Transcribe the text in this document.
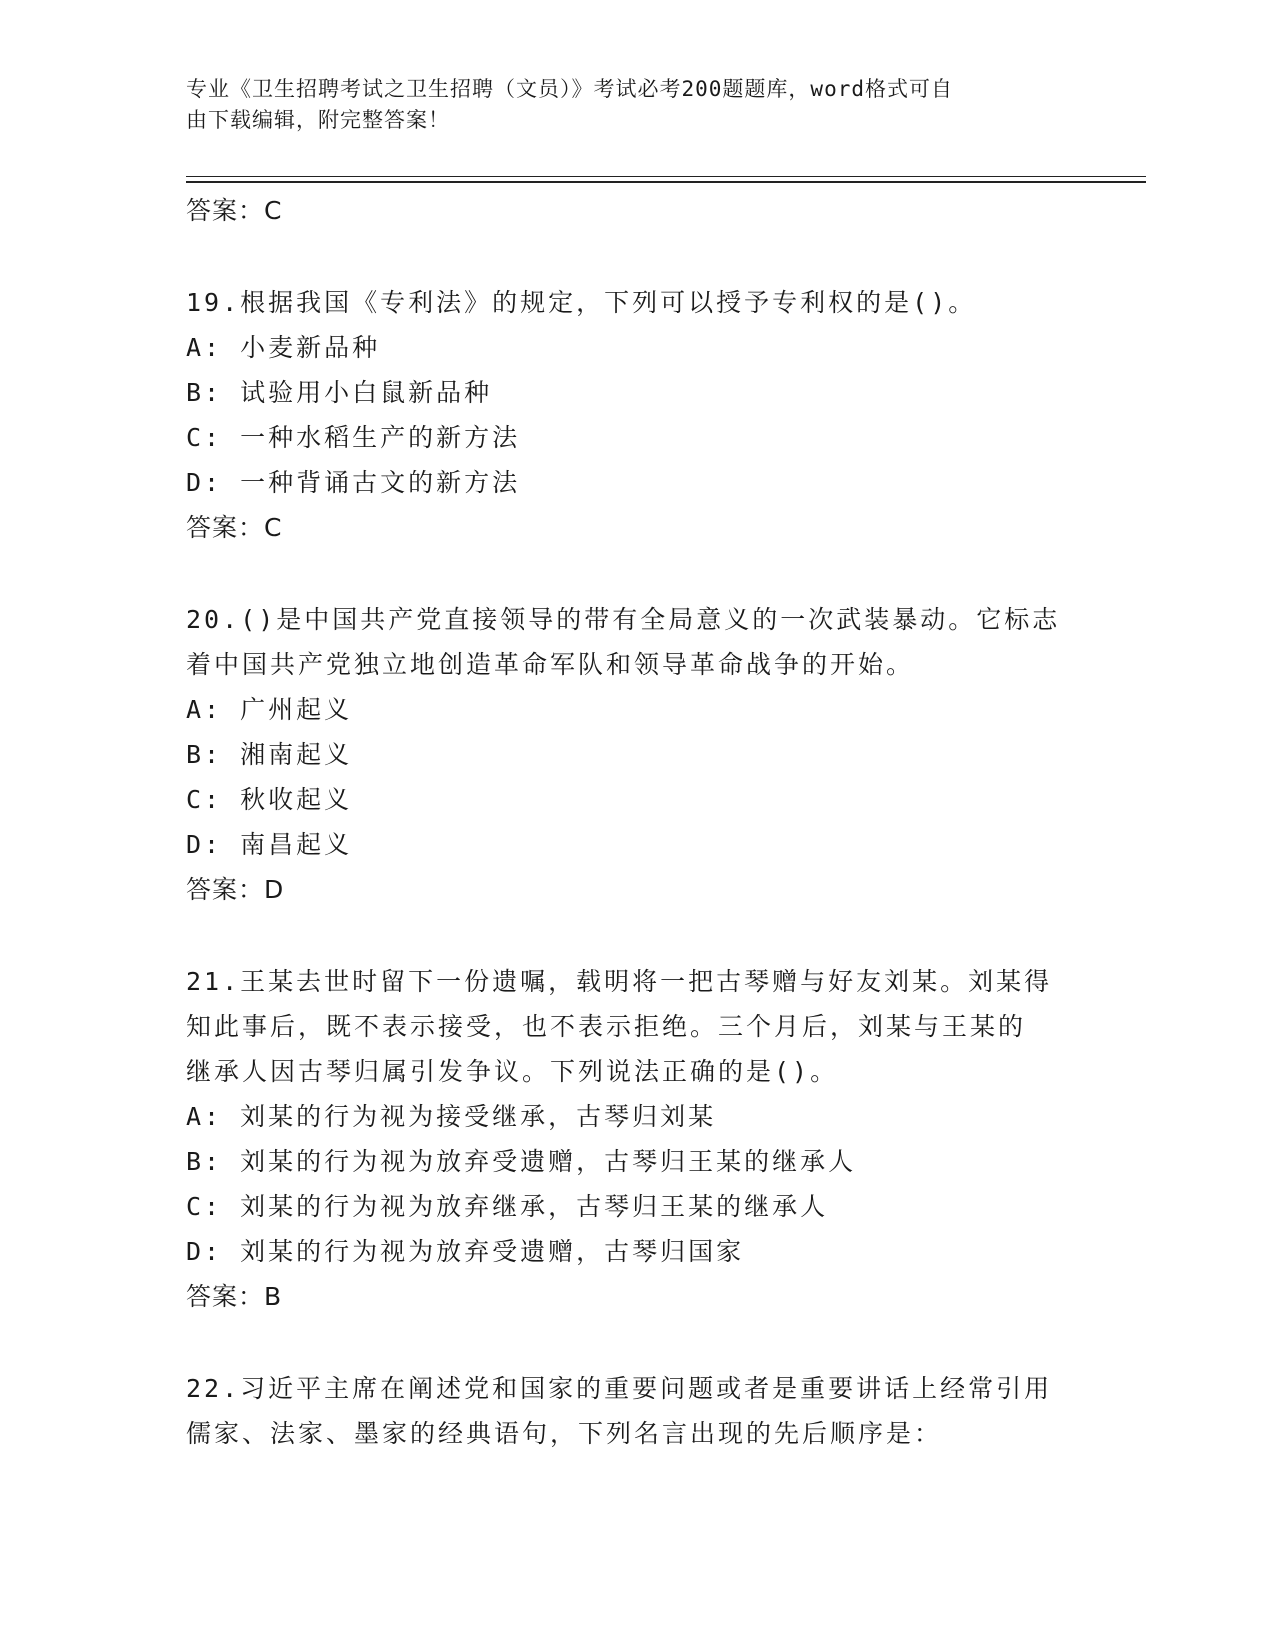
专业《卫生招聘考试之卫生招聘（文员）》考试必考200题题库，word格式可自
由下载编辑，附完整答案！
答案：C
19.根据我国《专利法》的规定，下列可以授予专利权的是()。
A: 小麦新品种
B: 试验用小白鼠新品种
C: 一种水稻生产的新方法
D: 一种背诵古文的新方法
答案：C
20.()是中国共产党直接领导的带有全局意义的一次武装暴动。它标志
着中国共产党独立地创造革命军队和领导革命战争的开始。
A: 广州起义
B: 湘南起义
C: 秋收起义
D: 南昌起义
答案：D
21.王某去世时留下一份遗嘱，载明将一把古琴赠与好友刘某。刘某得
知此事后，既不表示接受，也不表示拒绝。三个月后，刘某与王某的
继承人因古琴归属引发争议。下列说法正确的是()。
A: 刘某的行为视为接受继承，古琴归刘某
B: 刘某的行为视为放弃受遗赠，古琴归王某的继承人
C: 刘某的行为视为放弃继承，古琴归王某的继承人
D: 刘某的行为视为放弃受遗赠，古琴归国家
答案：B
22.习近平主席在阐述党和国家的重要问题或者是重要讲话上经常引用
儒家、法家、墨家的经典语句，下列名言出现的先后顺序是：
